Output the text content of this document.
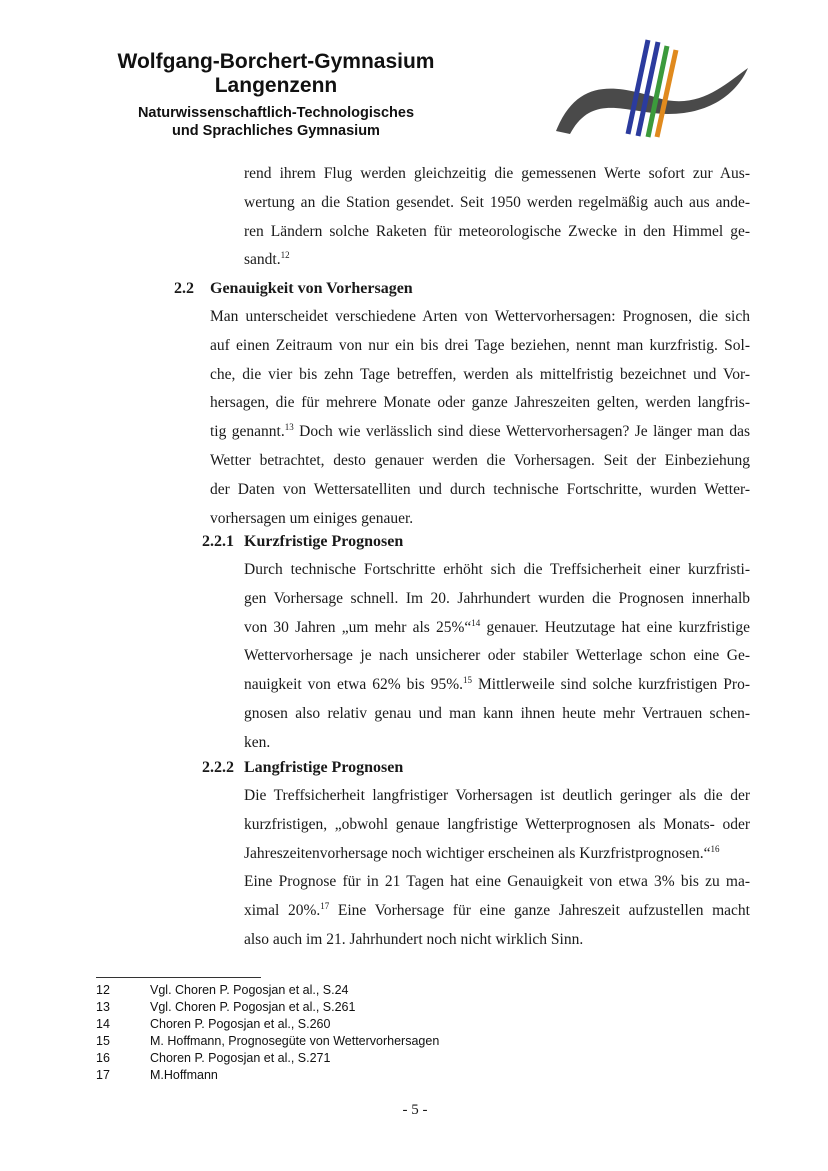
Wolfgang-Borchert-Gymnasium
Langenzenn
Naturwissenschaftlich-Technologisches
und Sprachliches Gymnasium
rend ihrem Flug werden gleichzeitig die gemessenen Werte sofort zur Aus-
wertung an die Station gesendet. Seit 1950 werden regelmäßig auch aus ande-
ren Ländern solche Raketen für meteorologische Zwecke in den Himmel ge-
sandt.$^{12}$
2.2 Genauigkeit von Vorhersagen
Man unterscheidet verschiedene Arten von Wettervorhersagen: Prognosen, die sich
auf einen Zeitraum von nur ein bis drei Tage beziehen, nennt man kurzfristig. Sol-
che, die vier bis zehn Tage betreffen, werden als mittelfristig bezeichnet und Vor-
hersagen, die für mehrere Monate oder ganze Jahreszeiten gelten, werden langfris-
tig genannt.$^{13}$ Doch wie verlässlich sind diese Wettervorhersagen? Je länger man das
Wetter betrachtet, desto genauer werden die Vorhersagen. Seit der Einbeziehung
der Daten von Wettersatelliten und durch technische Fortschritte, wurden Wetter-
vorhersagen um einiges genauer.
2.2.1 Kurzfristige Prognosen
Durch technische Fortschritte erhöht sich die Treffsicherheit einer kurzfristi-
gen Vorhersage schnell. Im 20. Jahrhundert wurden die Prognosen innerhalb
von 30 Jahren „um mehr als 25%“$^{14}$ genauer. Heutzutage hat eine kurzfristige
Wettervorhersage je nach unsicherer oder stabiler Wetterlage schon eine Ge-
nauigkeit von etwa 62% bis 95%.$^{15}$ Mittlerweile sind solche kurzfristigen Pro-
gnosen also relativ genau und man kann ihnen heute mehr Vertrauen schen-
ken.
2.2.2 Langfristige Prognosen
Die Treffsicherheit langfristiger Vorhersagen ist deutlich geringer als die der
kurzfristigen, „obwohl genaue langfristige Wetterprognosen als Monats- oder
Jahreszeitenvorhersage noch wichtiger erscheinen als Kurzfristprognosen.“$^{16}$
Eine Prognose für in 21 Tagen hat eine Genauigkeit von etwa 3% bis zu ma-
ximal 20%.$^{17}$ Eine Vorhersage für eine ganze Jahreszeit aufzustellen macht
also auch im 21. Jahrhundert noch nicht wirklich Sinn.
12	Vgl. Choren P. Pogosjan et al., S.24
13	Vgl. Choren P. Pogosjan et al., S.261
14	Choren P. Pogosjan et al., S.260
15	M. Hoffmann, Prognosegüte von Wettervorhersagen
16	Choren P. Pogosjan et al., S.271
17	M.Hoffmann
- 5 -
